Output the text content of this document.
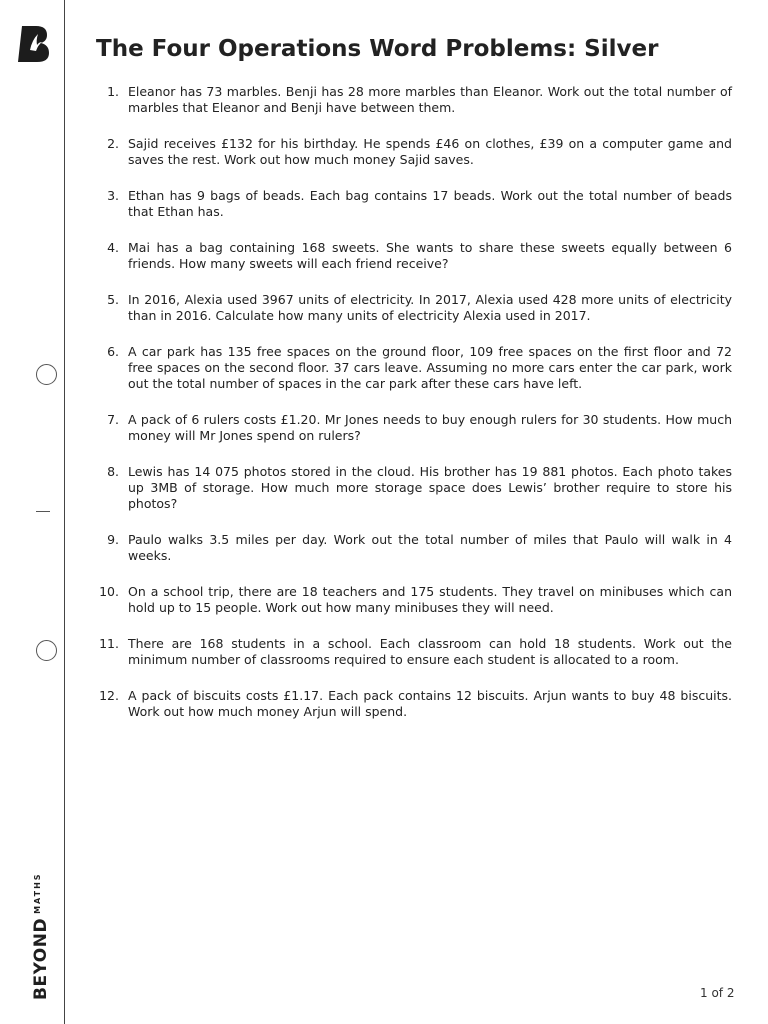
$BEYOND^{MATHS}$
The Four Operations Word Problems: Silver
1. Eleanor has 73 marbles. Benji has 28 more marbles than Eleanor. Work out the total number of marbles that Eleanor and Benji have between them.
2. Sajid receives £132 for his birthday. He spends £46 on clothes, £39 on a computer game and saves the rest. Work out how much money Sajid saves.
3. Ethan has 9 bags of beads. Each bag contains 17 beads. Work out the total number of beads that Ethan has.
4. Mai has a bag containing 168 sweets. She wants to share these sweets equally between 6 friends. How many sweets will each friend receive?
5. In 2016, Alexia used 3967 units of electricity. In 2017, Alexia used 428 more units of electricity than in 2016. Calculate how many units of electricity Alexia used in 2017.
6. A car park has 135 free spaces on the ground floor, 109 free spaces on the first floor and 72 free spaces on the second floor. 37 cars leave. Assuming no more cars enter the car park, work out the total number of spaces in the car park after these cars have left.
7. A pack of 6 rulers costs £1.20. Mr Jones needs to buy enough rulers for 30 students. How much money will Mr Jones spend on rulers?
8. Lewis has 14 075 photos stored in the cloud. His brother has 19 881 photos. Each photo takes up 3MB of storage. How much more storage space does Lewis’ brother require to store his photos?
9. Paulo walks 3.5 miles per day. Work out the total number of miles that Paulo will walk in 4 weeks.
10. On a school trip, there are 18 teachers and 175 students. They travel on minibuses which can hold up to 15 people. Work out how many minibuses they will need.
11. There are 168 students in a school. Each classroom can hold 18 students. Work out the minimum number of classrooms required to ensure each student is allocated to a room.
12. A pack of biscuits costs £1.17. Each pack contains 12 biscuits. Arjun wants to buy 48 biscuits. Work out how much money Arjun will spend.
1 of 2
